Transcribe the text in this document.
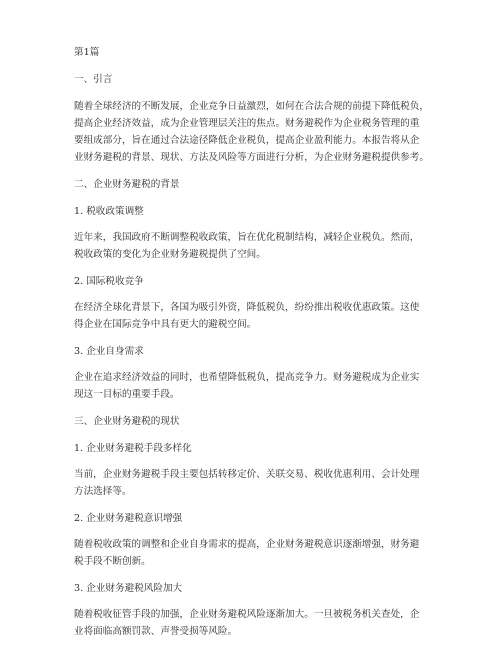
第1篇

一、引言

随着全球经济的不断发展，企业竞争日益激烈，如何在合法合规的前提下降低税负，

提高企业经济效益，成为企业管理层关注的焦点。财务避税作为企业税务管理的重

要组成部分，旨在通过合法途径降低企业税负，提高企业盈利能力。本报告将从企

业财务避税的背景、现状、方法及风险等方面进行分析，为企业财务避税提供参考。

二、企业财务避税的背景

1. 税收政策调整

近年来，我国政府不断调整税收政策，旨在优化税制结构，减轻企业税负。然而，

税收政策的变化为企业财务避税提供了空间。

2. 国际税收竞争

在经济全球化背景下，各国为吸引外资，降低税负，纷纷推出税收优惠政策。这使

得企业在国际竞争中具有更大的避税空间。

3. 企业自身需求

企业在追求经济效益的同时，也希望降低税负，提高竞争力。财务避税成为企业实

现这一目标的重要手段。

三、企业财务避税的现状

1. 企业财务避税手段多样化

当前，企业财务避税手段主要包括转移定价、关联交易、税收优惠利用、会计处理

方法选择等。

2. 企业财务避税意识增强

随着税收政策的调整和企业自身需求的提高，企业财务避税意识逐渐增强，财务避

税手段不断创新。

3. 企业财务避税风险加大

随着税收征管手段的加强，企业财务避税风险逐渐加大。一旦被税务机关查处，企

业将面临高额罚款、声誉受损等风险。
